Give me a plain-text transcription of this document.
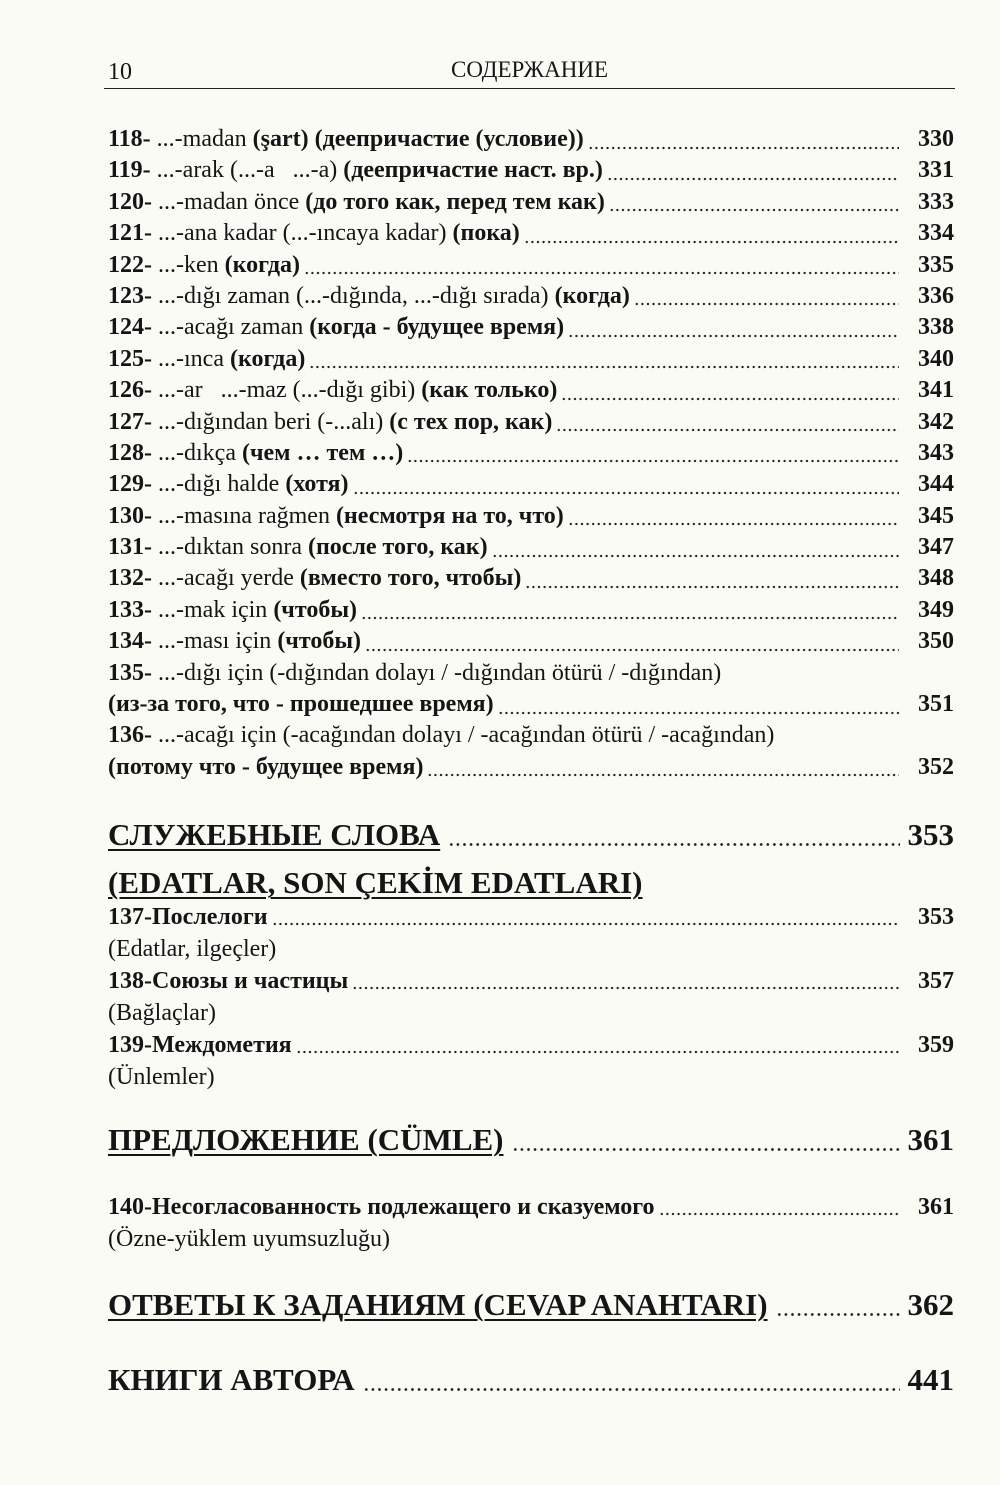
10	СОДЕРЖАНИЕ
118- ...-madan (şart) (деепричастие (условие))	330
119- ...-arak (...-a   ...-a) (деепричастие наст. вр.)	331
120- ...-madan önce (до того как, перед тем как)	333
121- ...-ana kadar (...-ıncaya kadar) (пока)	334
122- ...-ken (когда)	335
123- ...-dığı zaman (...-dığında, ...-dığı sırada) (когда)	336
124- ...-acağı zaman (когда - будущее время)	338
125- ...-ınca (когда)	340
126- ...-ar   ...-maz (...-dığı gibi) (как только)	341
127- ...-dığından beri (-...alı) (с тех пор, как)	342
128- ...-dıkça (чем … тем …)	343
129- ...-dığı halde (хотя)	344
130- ...-masına rağmen (несмотря на то, что)	345
131- ...-dıktan sonra (после того, как)	347
132- ...-acağı yerde (вместо того, чтобы)	348
133- ...-mak için (чтобы)	349
134- ...-ması için (чтобы)	350
135- ...-dığı için (-dığından dolayı / -dığından ötürü / -dığından)
(из-за того, что - прошедшее время)	351
136- ...-acağı için (-acağından dolayı / -acağından ötürü / -acağından)
(потому что - будущее время)	352
СЛУЖЕБНЫЕ СЛОВА	353
(EDATLAR, SON ÇEKİM EDATLARI)
137-Послелоги	353
(Edatlar, ilgeçler)
138-Союзы и частицы	357
(Bağlaçlar)
139-Междометия	359
(Ünlemler)
ПРЕДЛОЖЕНИЕ (CÜMLE)	361
140-Несогласованность подлежащего и сказуемого	361
(Özne-yüklem uyumsuzluğu)
ОТВЕТЫ К ЗАДАНИЯМ (CEVAP ANAHTARI)	362
КНИГИ АВТОРА	441
